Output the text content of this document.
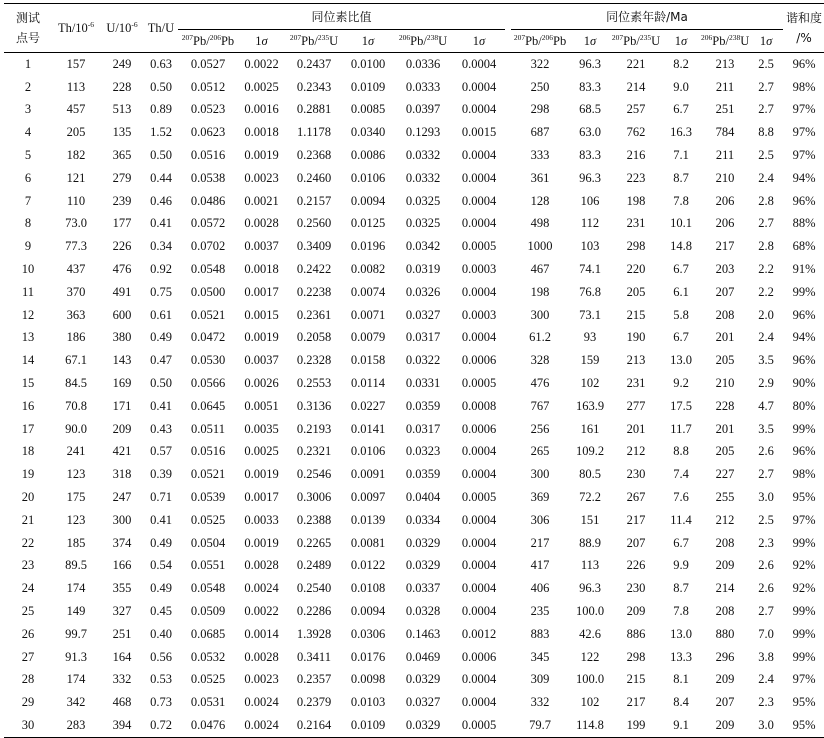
测试
点号	$Th/10^{-6}$	$U/10^{-6}$	Th/U	同位素比值							同位素年龄/Ma						谐和度
/%
				$^{207}$Pb/$^{206}$Pb	1σ	$^{207}$Pb/$^{235}$U	1σ	$^{206}$Pb/$^{238}$U	1σ		$^{207}$Pb/$^{206}$Pb	1σ	$^{207}$Pb/$^{235}$U	1σ	$^{206}$Pb/$^{238}$U	1σ	
1	157	249	0.63	0.0527	0.0022	0.2437	0.0100	0.0336	0.0004		322	96.3	221	8.2	213	2.5	96%
2	113	228	0.50	0.0512	0.0025	0.2343	0.0109	0.0333	0.0004		250	83.3	214	9.0	211	2.7	98%
3	457	513	0.89	0.0523	0.0016	0.2881	0.0085	0.0397	0.0004		298	68.5	257	6.7	251	2.7	97%
4	205	135	1.52	0.0623	0.0018	1.1178	0.0340	0.1293	0.0015		687	63.0	762	16.3	784	8.8	97%
5	182	365	0.50	0.0516	0.0019	0.2368	0.0086	0.0332	0.0004		333	83.3	216	7.1	211	2.5	97%
6	121	279	0.44	0.0538	0.0023	0.2460	0.0106	0.0332	0.0004		361	96.3	223	8.7	210	2.4	94%
7	110	239	0.46	0.0486	0.0021	0.2157	0.0094	0.0325	0.0004		128	106	198	7.8	206	2.8	96%
8	73.0	177	0.41	0.0572	0.0028	0.2560	0.0125	0.0325	0.0004		498	112	231	10.1	206	2.7	88%
9	77.3	226	0.34	0.0702	0.0037	0.3409	0.0196	0.0342	0.0005		1000	103	298	14.8	217	2.8	68%
10	437	476	0.92	0.0548	0.0018	0.2422	0.0082	0.0319	0.0003		467	74.1	220	6.7	203	2.2	91%
11	370	491	0.75	0.0500	0.0017	0.2238	0.0074	0.0326	0.0004		198	76.8	205	6.1	207	2.2	99%
12	363	600	0.61	0.0521	0.0015	0.2361	0.0071	0.0327	0.0003		300	73.1	215	5.8	208	2.0	96%
13	186	380	0.49	0.0472	0.0019	0.2058	0.0079	0.0317	0.0004		61.2	93	190	6.7	201	2.4	94%
14	67.1	143	0.47	0.0530	0.0037	0.2328	0.0158	0.0322	0.0006		328	159	213	13.0	205	3.5	96%
15	84.5	169	0.50	0.0566	0.0026	0.2553	0.0114	0.0331	0.0005		476	102	231	9.2	210	2.9	90%
16	70.8	171	0.41	0.0645	0.0051	0.3136	0.0227	0.0359	0.0008		767	163.9	277	17.5	228	4.7	80%
17	90.0	209	0.43	0.0511	0.0035	0.2193	0.0141	0.0317	0.0006		256	161	201	11.7	201	3.5	99%
18	241	421	0.57	0.0516	0.0025	0.2321	0.0106	0.0323	0.0004		265	109.2	212	8.8	205	2.6	96%
19	123	318	0.39	0.0521	0.0019	0.2546	0.0091	0.0359	0.0004		300	80.5	230	7.4	227	2.7	98%
20	175	247	0.71	0.0539	0.0017	0.3006	0.0097	0.0404	0.0005		369	72.2	267	7.6	255	3.0	95%
21	123	300	0.41	0.0525	0.0033	0.2388	0.0139	0.0334	0.0004		306	151	217	11.4	212	2.5	97%
22	185	374	0.49	0.0504	0.0019	0.2265	0.0081	0.0329	0.0004		217	88.9	207	6.7	208	2.3	99%
23	89.5	166	0.54	0.0551	0.0028	0.2489	0.0122	0.0329	0.0004		417	113	226	9.9	209	2.6	92%
24	174	355	0.49	0.0548	0.0024	0.2540	0.0108	0.0337	0.0004		406	96.3	230	8.7	214	2.6	92%
25	149	327	0.45	0.0509	0.0022	0.2286	0.0094	0.0328	0.0004		235	100.0	209	7.8	208	2.7	99%
26	99.7	251	0.40	0.0685	0.0014	1.3928	0.0306	0.1463	0.0012		883	42.6	886	13.0	880	7.0	99%
27	91.3	164	0.56	0.0532	0.0028	0.3411	0.0176	0.0469	0.0006		345	122	298	13.3	296	3.8	99%
28	174	332	0.53	0.0525	0.0023	0.2357	0.0098	0.0329	0.0004		309	100.0	215	8.1	209	2.4	97%
29	342	468	0.73	0.0531	0.0024	0.2379	0.0103	0.0327	0.0004		332	102	217	8.4	207	2.3	95%
30	283	394	0.72	0.0476	0.0024	0.2164	0.0109	0.0329	0.0005		79.7	114.8	199	9.1	209	3.0	95%
